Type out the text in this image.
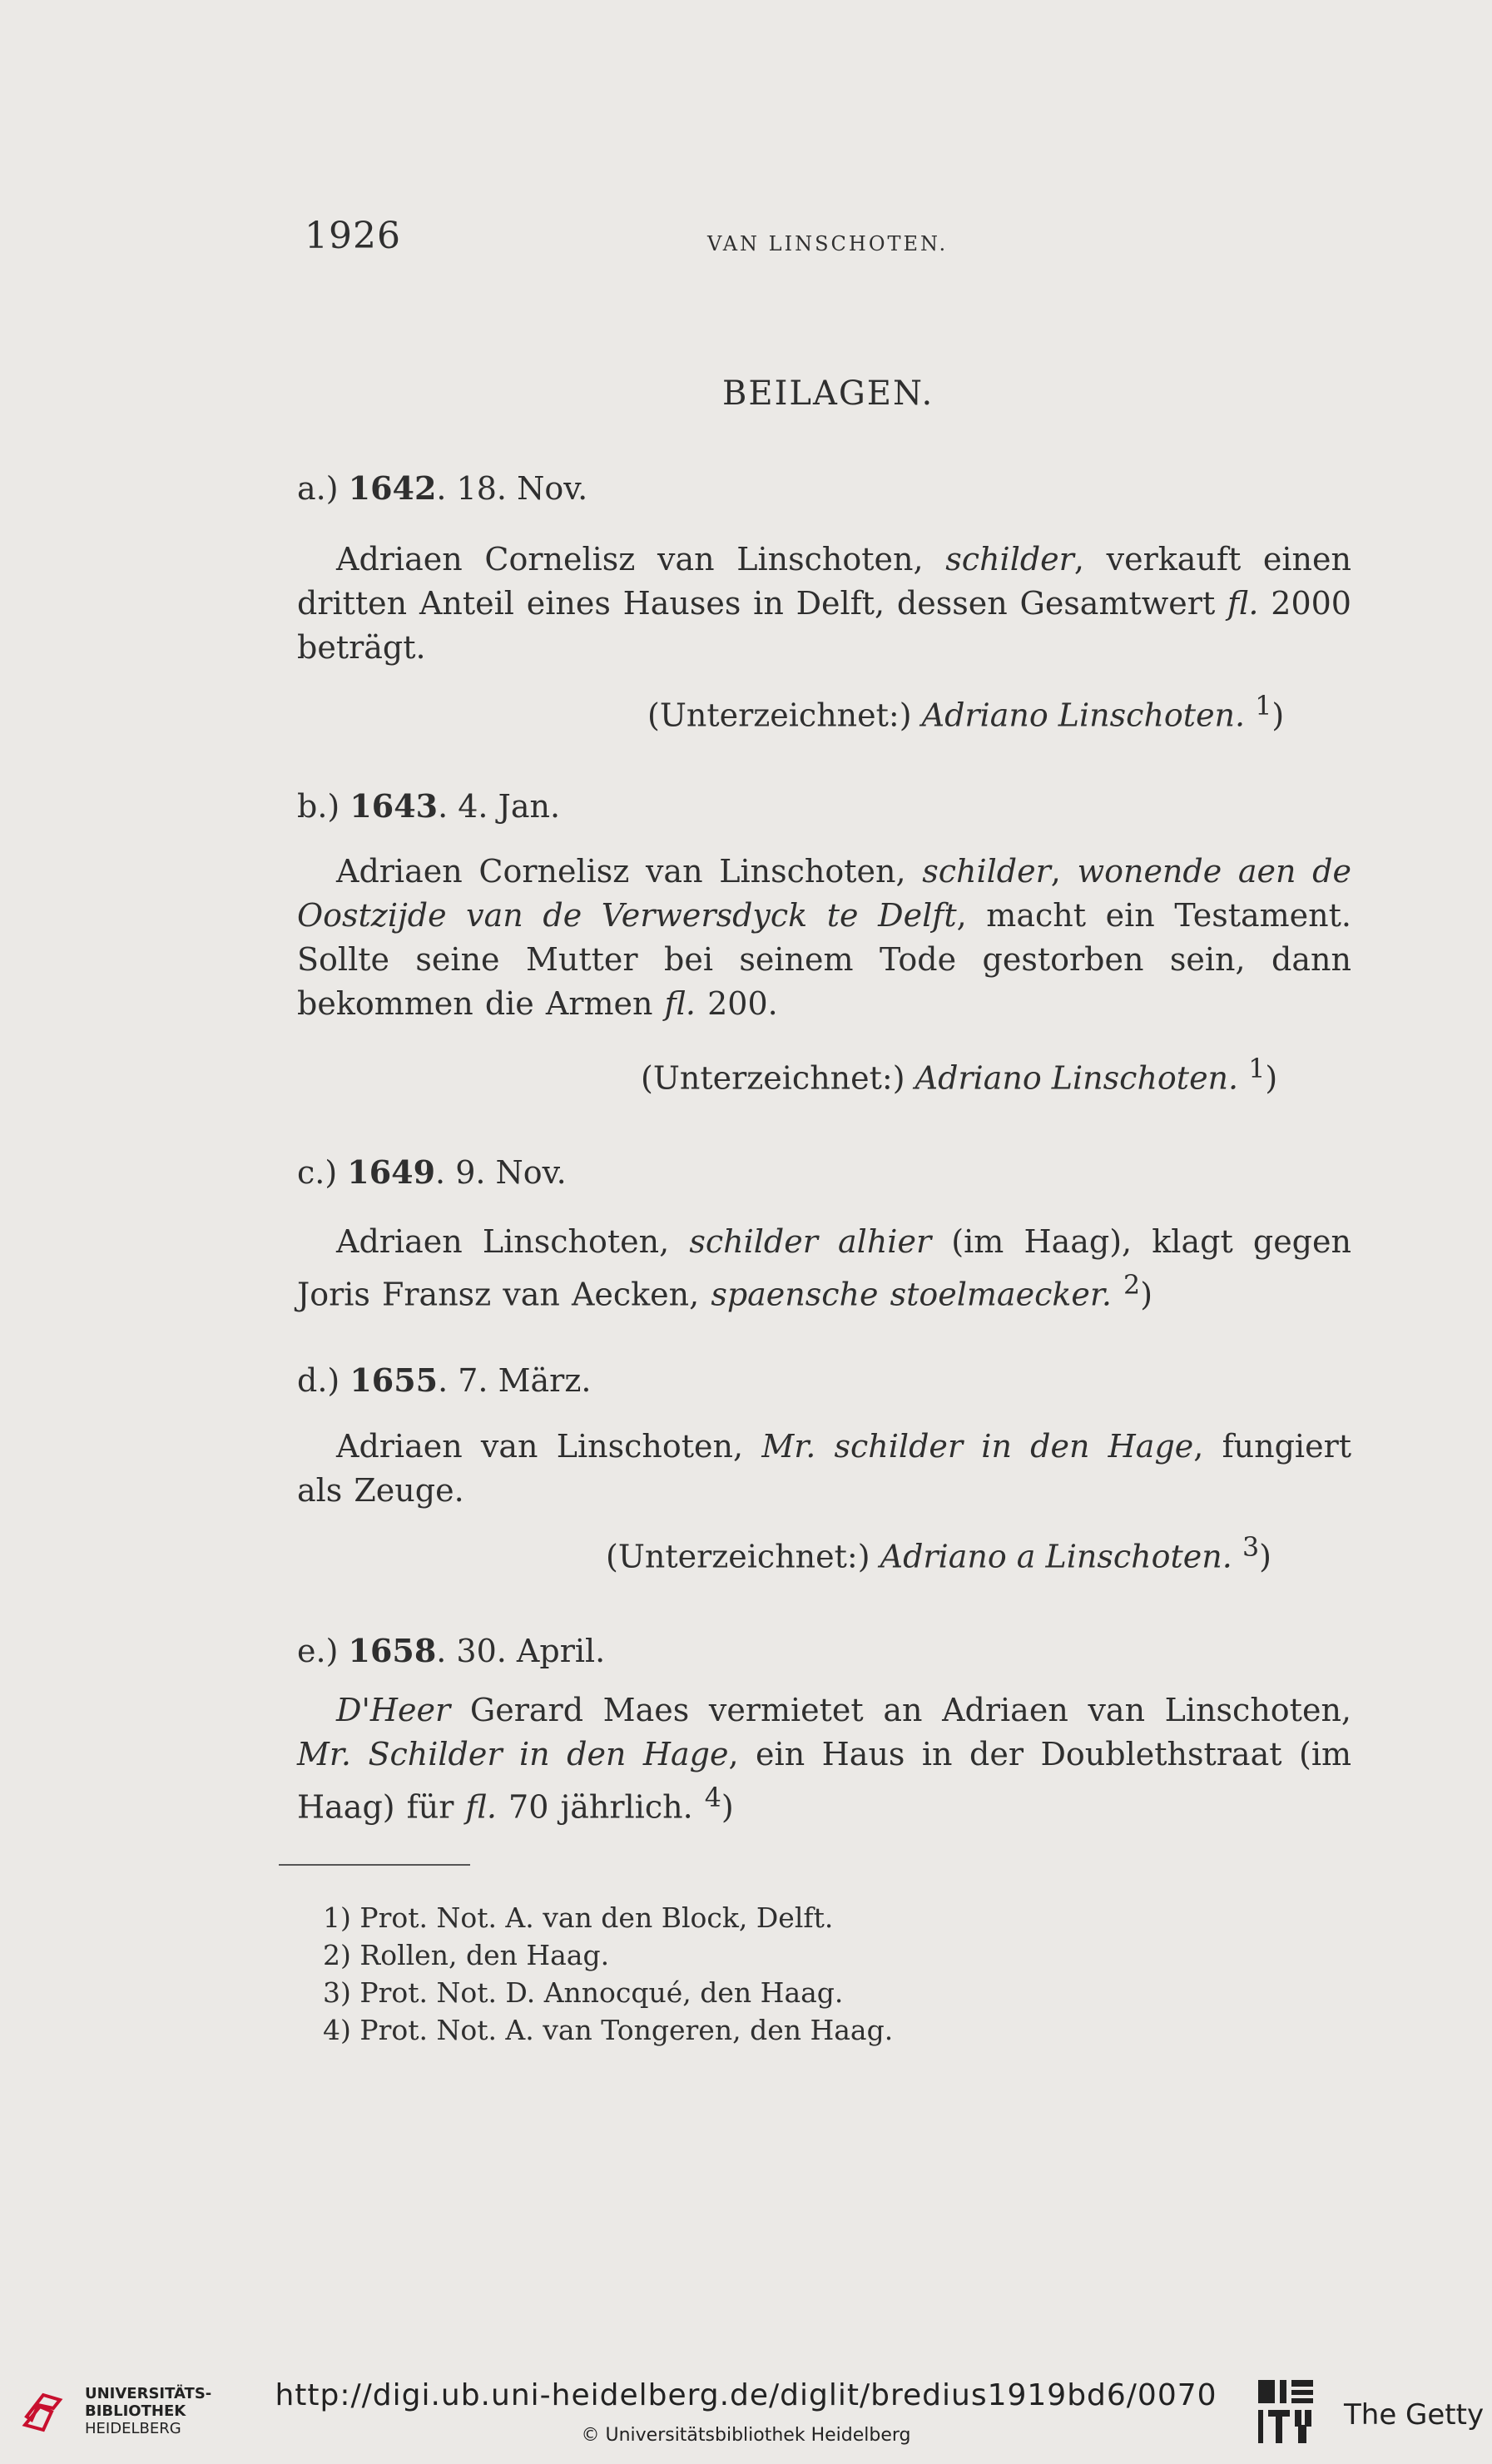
1926	VAN LINSCHOTEN.
BEILAGEN.
a.) 1642. 18. Nov.
Adriaen Cornelisz van Linschoten, schilder, verkauft einen dritten Anteil eines Hauses in Delft, dessen Gesamtwert fl. 2000 beträgt.
(Unterzeichnet:) Adriano Linschoten. $^1$)
b.) 1643. 4. Jan.
Adriaen Cornelisz van Linschoten, schilder, wonende aen de Oostzijde van de Verwersdyck te Delft, macht ein Testament. Sollte seine Mutter bei seinem Tode gestorben sein, dann bekommen die Armen fl. 200.
(Unterzeichnet:) Adriano Linschoten. $^1$)
c.) 1649. 9. Nov.
Adriaen Linschoten, schilder alhier (im Haag), klagt gegen Joris Fransz van Aecken, spaensche stoelmaecker. $^2$)
d.) 1655. 7. März.
Adriaen van Linschoten, Mr. schilder in den Hage, fungiert als Zeuge.
(Unterzeichnet:) Adriano a Linschoten. $^3$)
e.) 1658. 30. April.
D'Heer Gerard Maes vermietet an Adriaen van Linschoten, Mr. Schilder in den Hage, ein Haus in der Doublethstraat (im Haag) für fl. 70 jährlich. $^4$)
1) Prot. Not. A. van den Block, Delft.
2) Rollen, den Haag.
3) Prot. Not. D. Annocqué, den Haag.
4) Prot. Not. A. van Tongeren, den Haag.
UNIVERSITÄTS-
BIBLIOTHEK
HEIDELBERG
http://digi.ub.uni-heidelberg.de/diglit/bredius1919bd6/0070
© Universitätsbibliothek Heidelberg
The Getty
